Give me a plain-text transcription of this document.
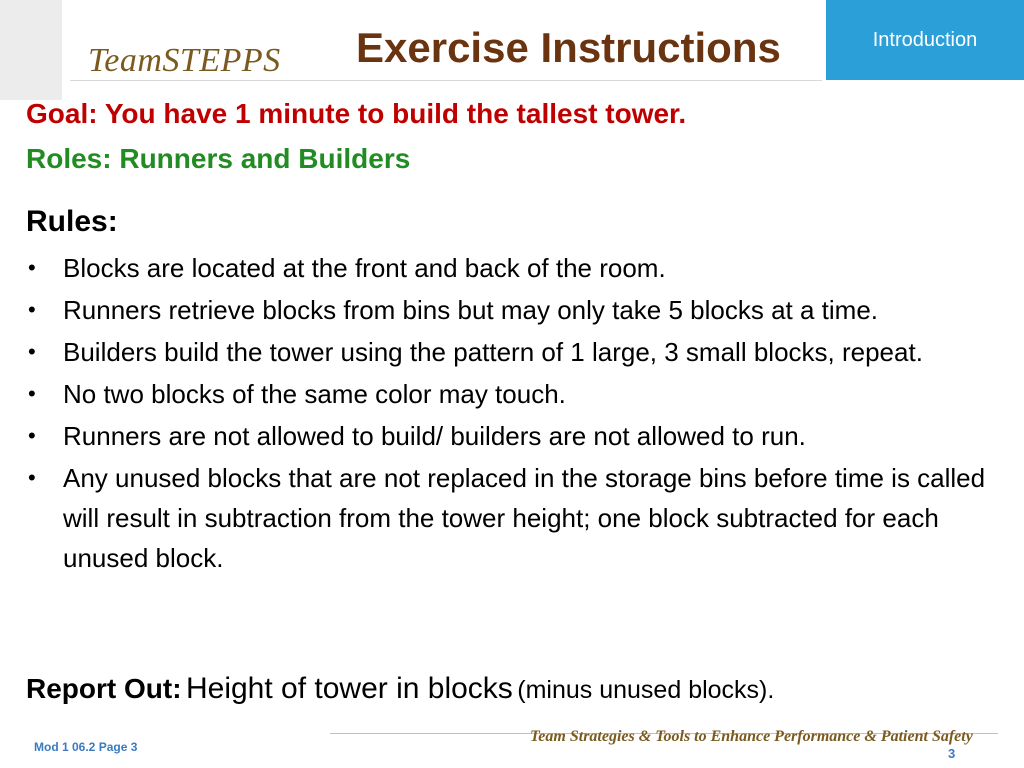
TeamSTEPPS Exercise Instructions	Introduction
Goal: You have 1 minute to build the tallest tower.
Roles: Runners and Builders
Rules:
• Blocks are located at the front and back of the room.
• Runners retrieve blocks from bins but may only take 5 blocks at a time.
• Builders build the tower using the pattern of 1 large, 3 small blocks, repeat.
• No two blocks of the same color may touch.
• Runners are not allowed to build/ builders are not allowed to run.
• Any unused blocks that are not replaced in the storage bins before time is called will result in subtraction from the tower height; one block subtracted for each unused block.
Report Out: Height of tower in blocks (minus unused blocks).
Mod 1 06.2 Page 3
Team Strategies & Tools to Enhance Performance & Patient Safety
3
